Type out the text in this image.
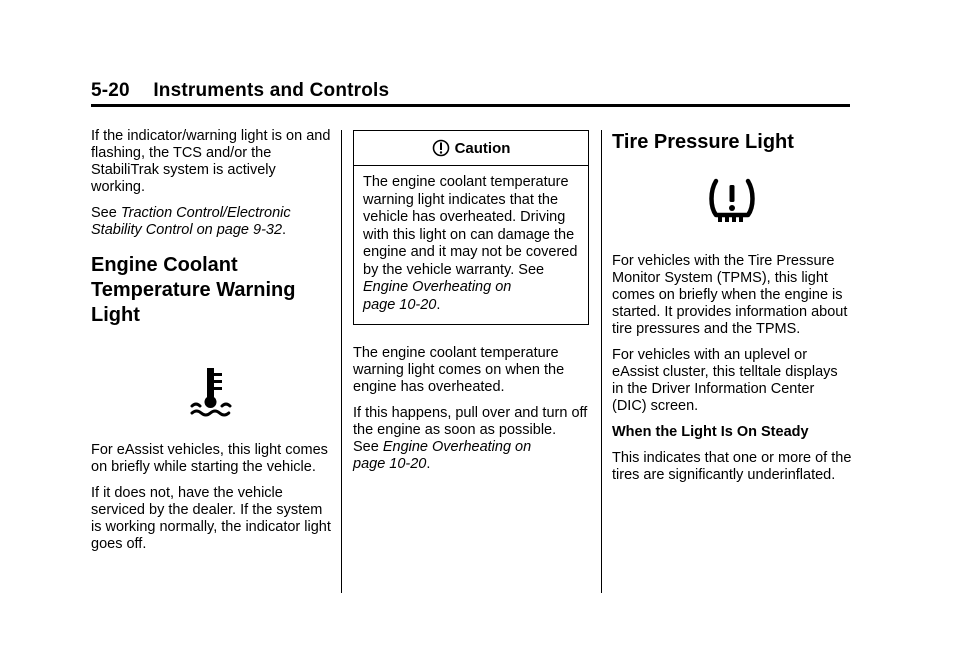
5-20 Instruments and Controls

If the indicator/warning light is on and flashing, the TCS and/or the StabiliTrak system is actively working.

See Traction Control/Electronic Stability Control on page 9-32.

Engine Coolant
Temperature Warning
Light

For eAssist vehicles, this light comes on briefly while starting the vehicle.

If it does not, have the vehicle serviced by the dealer. If the system is working normally, the indicator light goes off.

Caution
The engine coolant temperature warning light indicates that the vehicle has overheated. Driving with this light on can damage the engine and it may not be covered by the vehicle warranty. See
Engine Overheating on
page 10-20.

The engine coolant temperature warning light comes on when the engine has overheated.

If this happens, pull over and turn off the engine as soon as possible.

See Engine Overheating on
page 10-20.

Tire Pressure Light

For vehicles with the Tire Pressure Monitor System (TPMS), this light comes on briefly when the engine is started. It provides information about tire pressures and the TPMS.

For vehicles with an uplevel or eAssist cluster, this telltale displays in the Driver Information Center (DIC) screen.

When the Light Is On Steady

This indicates that one or more of the tires are significantly underinflated.
